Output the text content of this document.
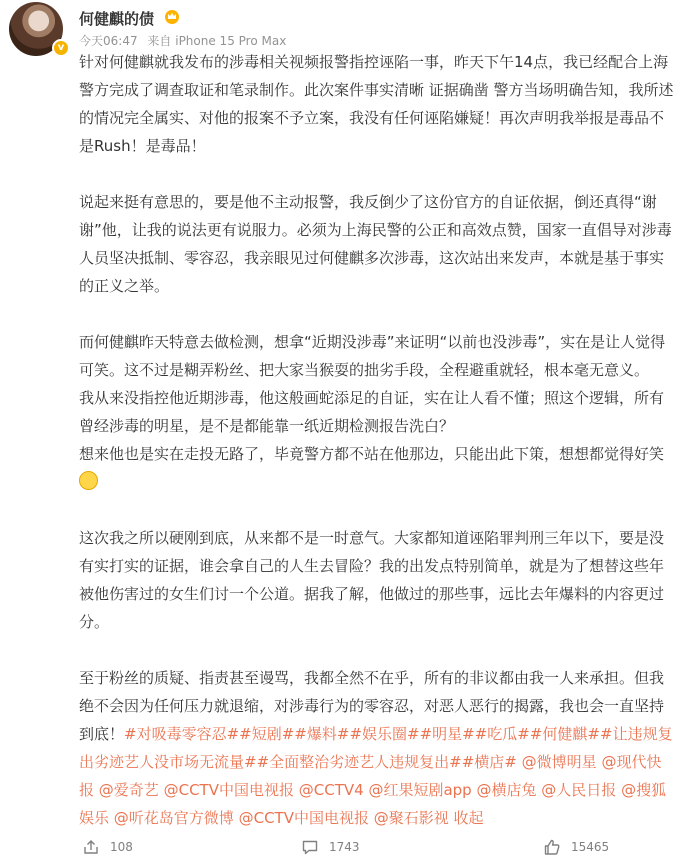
v
何健麒的债
今天06:47 来自 iPhone 15 Pro Max

针对何健麒就我发布的涉毒相关视频报警指控诬陷一事，昨天下午14点，我已经配合上海警方完成了调查取证和笔录制作。此次案件事实清晰 证据确凿 警方当场明确告知，我所述的情况完全属实、对他的报案不予立案，我没有任何诬陷嫌疑！再次声明我举报是毒品不是Rush！是毒品！

说起来挺有意思的，要是他不主动报警，我反倒少了这份官方的自证依据，倒还真得“谢谢”他，让我的说法更有说服力。必须为上海民警的公正和高效点赞，国家一直倡导对涉毒人员坚决抵制、零容忍，我亲眼见过何健麒多次涉毒，这次站出来发声，本就是基于事实的正义之举。

而何健麒昨天特意去做检测，想拿“近期没涉毒”来证明“以前也没涉毒”，实在是让人觉得可笑。这不过是糊弄粉丝、把大家当猴耍的拙劣手段，全程避重就轻，根本毫无意义。
我从来没指控他近期涉毒，他这般画蛇添足的自证，实在让人看不懂；照这个逻辑，所有曾经涉毒的明星，是不是都能靠一纸近期检测报告洗白？
想来他也是实在走投无路了，毕竟警方都不站在他那边，只能出此下策，想想都觉得好笑

这次我之所以硬刚到底，从来都不是一时意气。大家都知道诬陷罪判刑三年以下，要是没有实打实的证据，谁会拿自己的人生去冒险？我的出发点特别简单，就是为了想替这些年被他伤害过的女生们讨一个公道。据我了解，他做过的那些事，远比去年爆料的内容更过分。

至于粉丝的质疑、指责甚至谩骂，我都全然不在乎，所有的非议都由我一人来承担。但我绝不会因为任何压力就退缩，对涉毒行为的零容忍，对恶人恶行的揭露，我也会一直坚持到底！#对吸毒零容忍##短剧##爆料##娱乐圈##明星##吃瓜##何健麒##让违规复出劣迹艺人没市场无流量##全面整治劣迹艺人违规复出##横店# @微博明星 @现代快报 @爱奇艺 @CCTV中国电视报 @CCTV4 @红果短剧app @横店兔 @人民日报 @搜狐娱乐 @听花岛官方微博 @CCTV中国电视报 @聚石影视 收起

108	1743	15465
